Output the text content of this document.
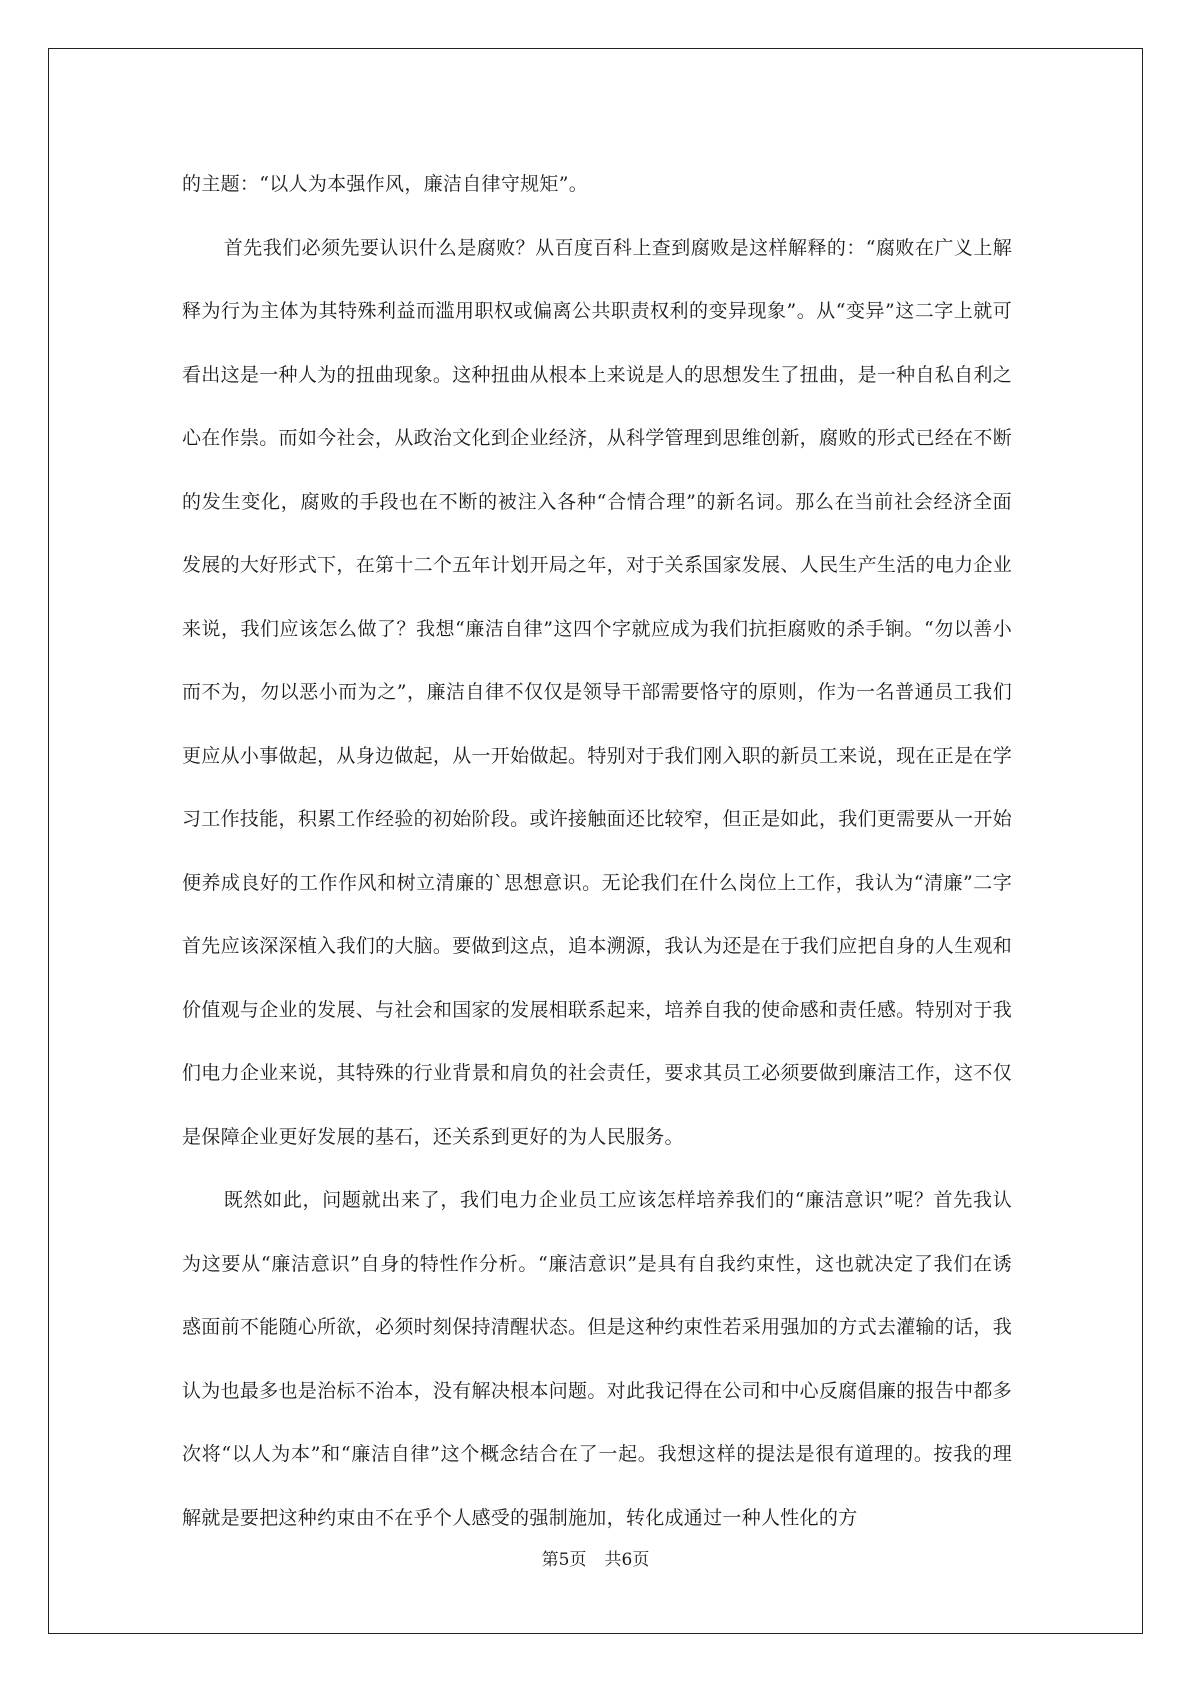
的主题：“以人为本强作风，廉洁自律守规矩”。

首先我们必须先要认识什么是腐败？从百度百科上查到腐败是这样解释的：“腐败在广义上解释为行为主体为其特殊利益而滥用职权或偏离公共职责权利的变异现象”。从“变异”这二字上就可看出这是一种人为的扭曲现象。这种扭曲从根本上来说是人的思想发生了扭曲，是一种自私自利之心在作祟。而如今社会，从政治文化到企业经济，从科学管理到思维创新，腐败的形式已经在不断的发生变化，腐败的手段也在不断的被注入各种“合情合理”的新名词。那么在当前社会经济全面发展的大好形式下，在第十二个五年计划开局之年，对于关系国家发展、人民生产生活的电力企业来说，我们应该怎么做了？我想“廉洁自律”这四个字就应成为我们抗拒腐败的杀手锏。“勿以善小而不为，勿以恶小而为之”，廉洁自律不仅仅是领导干部需要恪守的原则，作为一名普通员工我们更应从小事做起，从身边做起，从一开始做起。特别对于我们刚入职的新员工来说，现在正是在学习工作技能，积累工作经验的初始阶段。或许接触面还比较窄，但正是如此，我们更需要从一开始便养成良好的工作作风和树立清廉的`思想意识。无论我们在什么岗位上工作，我认为“清廉”二字首先应该深深植入我们的大脑。要做到这点，追本溯源，我认为还是在于我们应把自身的人生观和价值观与企业的发展、与社会和国家的发展相联系起来，培养自我的使命感和责任感。特别对于我们电力企业来说，其特殊的行业背景和肩负的社会责任，要求其员工必须要做到廉洁工作，这不仅是保障企业更好发展的基石，还关系到更好的为人民服务。

既然如此，问题就出来了，我们电力企业员工应该怎样培养我们的“廉洁意识”呢？首先我认为这要从“廉洁意识”自身的特性作分析。“廉洁意识”是具有自我约束性，这也就决定了我们在诱惑面前不能随心所欲，必须时刻保持清醒状态。但是这种约束性若采用强加的方式去灌输的话，我认为也最多也是治标不治本，没有解决根本问题。对此我记得在公司和中心反腐倡廉的报告中都多次将“以人为本”和“廉洁自律”这个概念结合在了一起。我想这样的提法是很有道理的。按我的理解就是要把这种约束由不在乎个人感受的强制施加，转化成通过一种人性化的方

第5页 共6页
